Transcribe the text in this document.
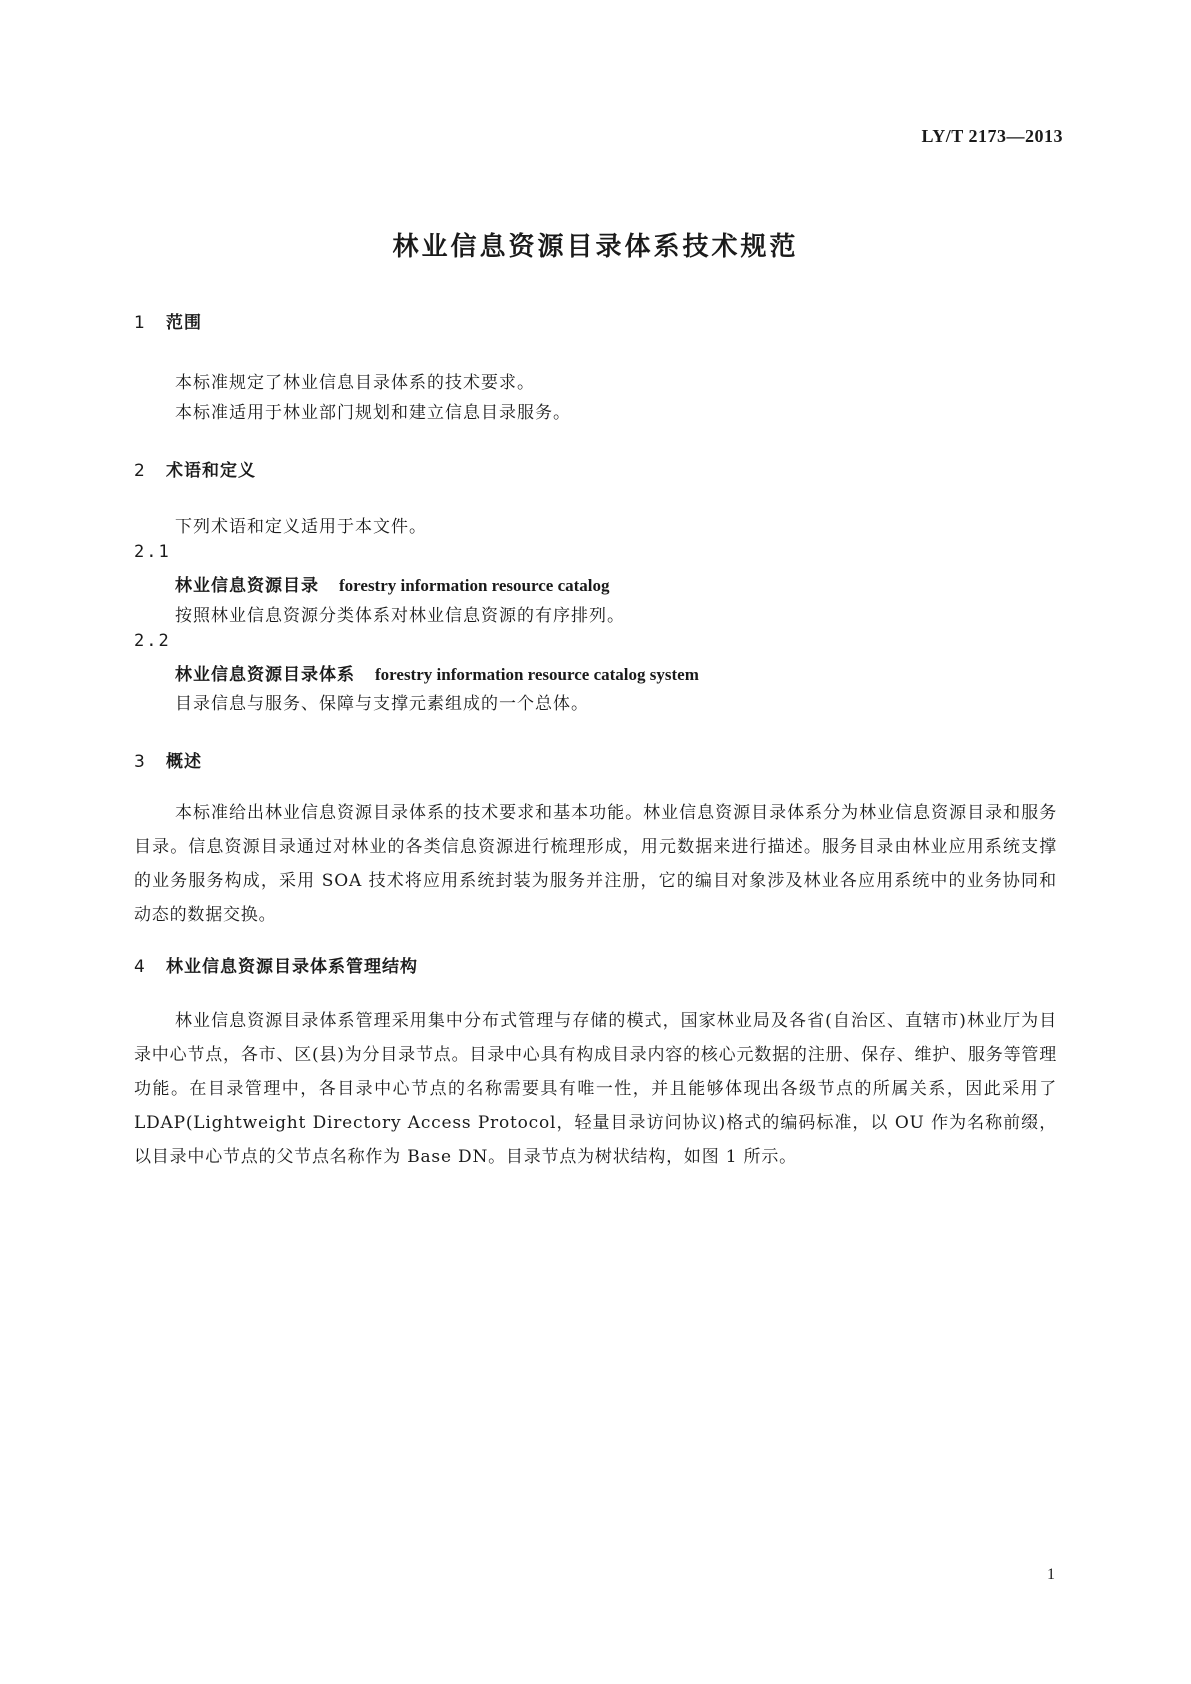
LY/T 2173—2013
林业信息资源目录体系技术规范
1 范围
本标准规定了林业信息目录体系的技术要求。
本标准适用于林业部门规划和建立信息目录服务。
2 术语和定义
下列术语和定义适用于本文件。
2.1
林业信息资源目录 forestry information resource catalog
按照林业信息资源分类体系对林业信息资源的有序排列。
2.2
林业信息资源目录体系 forestry information resource catalog system
目录信息与服务、保障与支撑元素组成的一个总体。
3 概述
本标准给出林业信息资源目录体系的技术要求和基本功能。林业信息资源目录体系分为林业信息资源目录和服务目录。信息资源目录通过对林业的各类信息资源进行梳理形成，用元数据来进行描述。服务目录由林业应用系统支撑的业务服务构成，采用 SOA 技术将应用系统封装为服务并注册，它的编目对象涉及林业各应用系统中的业务协同和动态的数据交换。
4 林业信息资源目录体系管理结构
林业信息资源目录体系管理采用集中分布式管理与存储的模式，国家林业局及各省(自治区、直辖市)林业厅为目录中心节点，各市、区(县)为分目录节点。目录中心具有构成目录内容的核心元数据的注册、保存、维护、服务等管理功能。在目录管理中，各目录中心节点的名称需要具有唯一性，并且能够体现出各级节点的所属关系，因此采用了 LDAP(Lightweight Directory Access Protocol，轻量目录访问协议)格式的编码标准，以 OU 作为名称前缀，以目录中心节点的父节点名称作为 Base DN。目录节点为树状结构，如图 1 所示。
1
